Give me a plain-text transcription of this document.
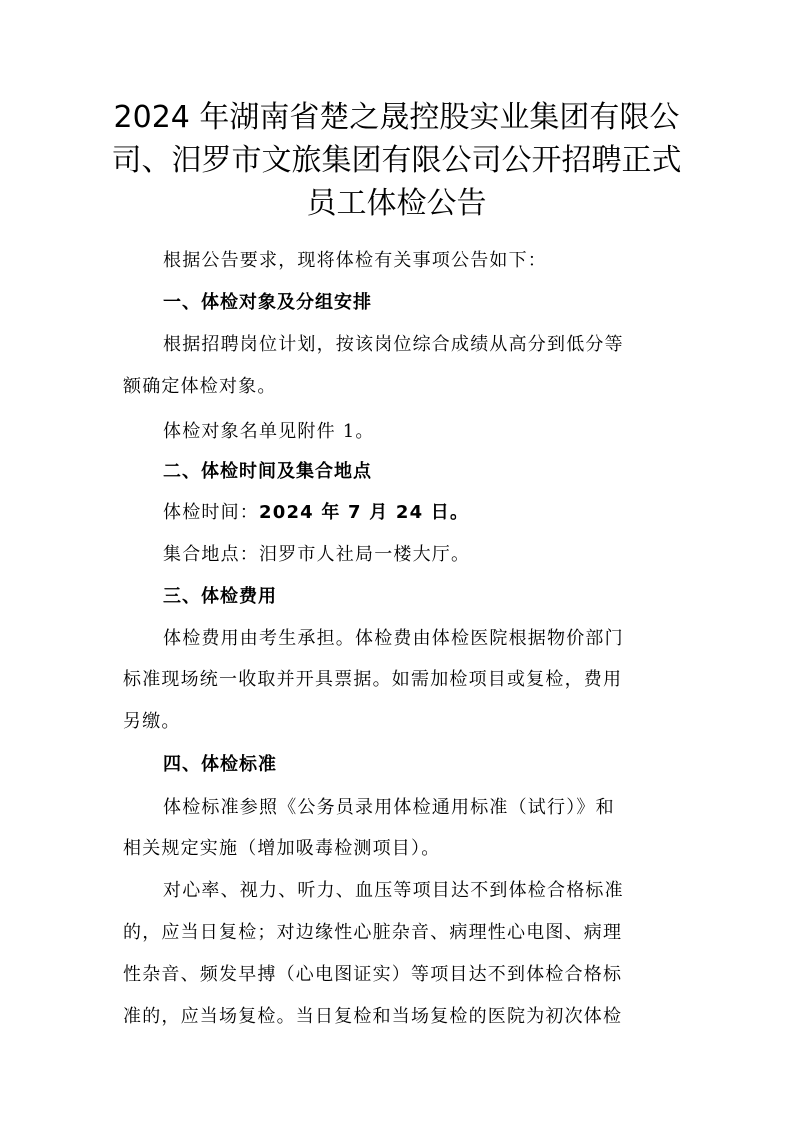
2024 年湖南省楚之晟控股实业集团有限公
司、汨罗市文旅集团有限公司公开招聘正式
员工体检公告

根据公告要求，现将体检有关事项公告如下：

一、体检对象及分组安排

根据招聘岗位计划，按该岗位综合成绩从高分到低分等

额确定体检对象。

体检对象名单见附件 1。

二、体检时间及集合地点

体检时间：2024 年 7 月 24 日。

集合地点：汨罗市人社局一楼大厅。

三、体检费用

体检费用由考生承担。体检费由体检医院根据物价部门

标准现场统一收取并开具票据。如需加检项目或复检，费用

另缴。

四、体检标准

体检标准参照《公务员录用体检通用标准（试行）》和

相关规定实施（增加吸毒检测项目）。

对心率、视力、听力、血压等项目达不到体检合格标准

的，应当日复检；对边缘性心脏杂音、病理性心电图、病理

性杂音、频发早搏（心电图证实）等项目达不到体检合格标

准的，应当场复检。当日复检和当场复检的医院为初次体检
